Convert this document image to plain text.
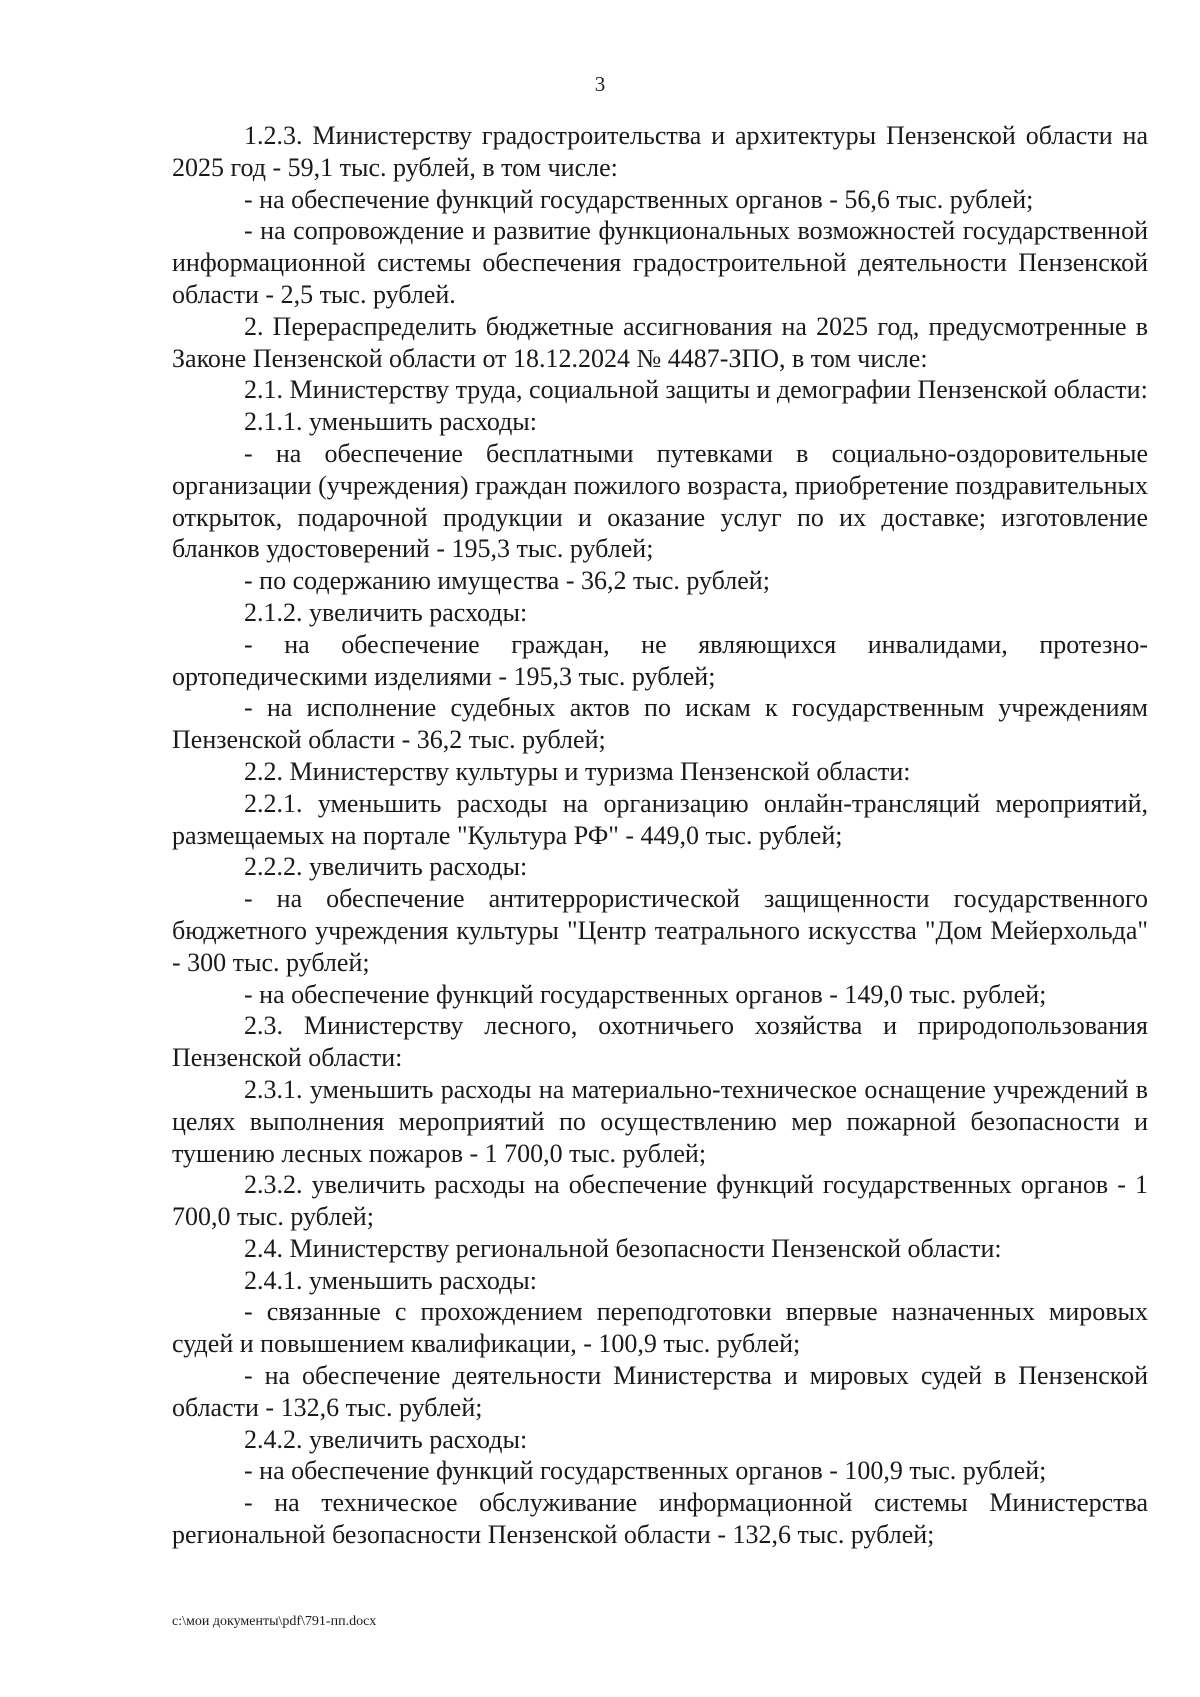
3

1.2.3. Министерству градостроительства и архитектуры Пензенской области на 2025 год - 59,1 тыс. рублей, в том числе:

- на обеспечение функций государственных органов - 56,6 тыс. рублей;

- на сопровождение и развитие функциональных возможностей государственной информационной системы обеспечения градостроительной деятельности Пензенской области - 2,5 тыс. рублей.

2. Перераспределить бюджетные ассигнования на 2025 год, предусмотренные в Законе Пензенской области от 18.12.2024 № 4487-ЗПО, в том числе:

2.1. Министерству труда, социальной защиты и демографии Пензенской области:

2.1.1. уменьшить расходы:

- на обеспечение бесплатными путевками в социально-оздоровительные организации (учреждения) граждан пожилого возраста, приобретение поздравительных открыток, подарочной продукции и оказание услуг по их доставке; изготовление бланков удостоверений - 195,3 тыс. рублей;

- по содержанию имущества - 36,2 тыс. рублей;

2.1.2. увеличить расходы:

- на обеспечение граждан, не являющихся инвалидами, протезно-ортопедическими изделиями - 195,3 тыс. рублей;

- на исполнение судебных актов по искам к государственным учреждениям Пензенской области - 36,2 тыс. рублей;

2.2. Министерству культуры и туризма Пензенской области:

2.2.1. уменьшить расходы на организацию онлайн-трансляций мероприятий, размещаемых на портале "Культура РФ" - 449,0 тыс. рублей;

2.2.2. увеличить расходы:

- на обеспечение антитеррористической защищенности государственного бюджетного учреждения культуры "Центр театрального искусства "Дом Мейерхольда" - 300 тыс. рублей;

- на обеспечение функций государственных органов - 149,0 тыс. рублей;

2.3. Министерству лесного, охотничьего хозяйства и природопользования Пензенской области:

2.3.1. уменьшить расходы на материально-техническое оснащение учреждений в целях выполнения мероприятий по осуществлению мер пожарной безопасности и тушению лесных пожаров - 1 700,0 тыс. рублей;

2.3.2. увеличить расходы на обеспечение функций государственных органов - 1 700,0 тыс. рублей;

2.4. Министерству региональной безопасности Пензенской области:

2.4.1. уменьшить расходы:

- связанные с прохождением переподготовки впервые назначенных мировых судей и повышением квалификации, - 100,9 тыс. рублей;

- на обеспечение деятельности Министерства и мировых судей в Пензенской области - 132,6 тыс. рублей;

2.4.2. увеличить расходы:

- на обеспечение функций государственных органов - 100,9 тыс. рублей;

- на техническое обслуживание информационной системы Министерства региональной безопасности Пензенской области - 132,6 тыс. рублей;

c:\мои документы\pdf\791-пп.docx
